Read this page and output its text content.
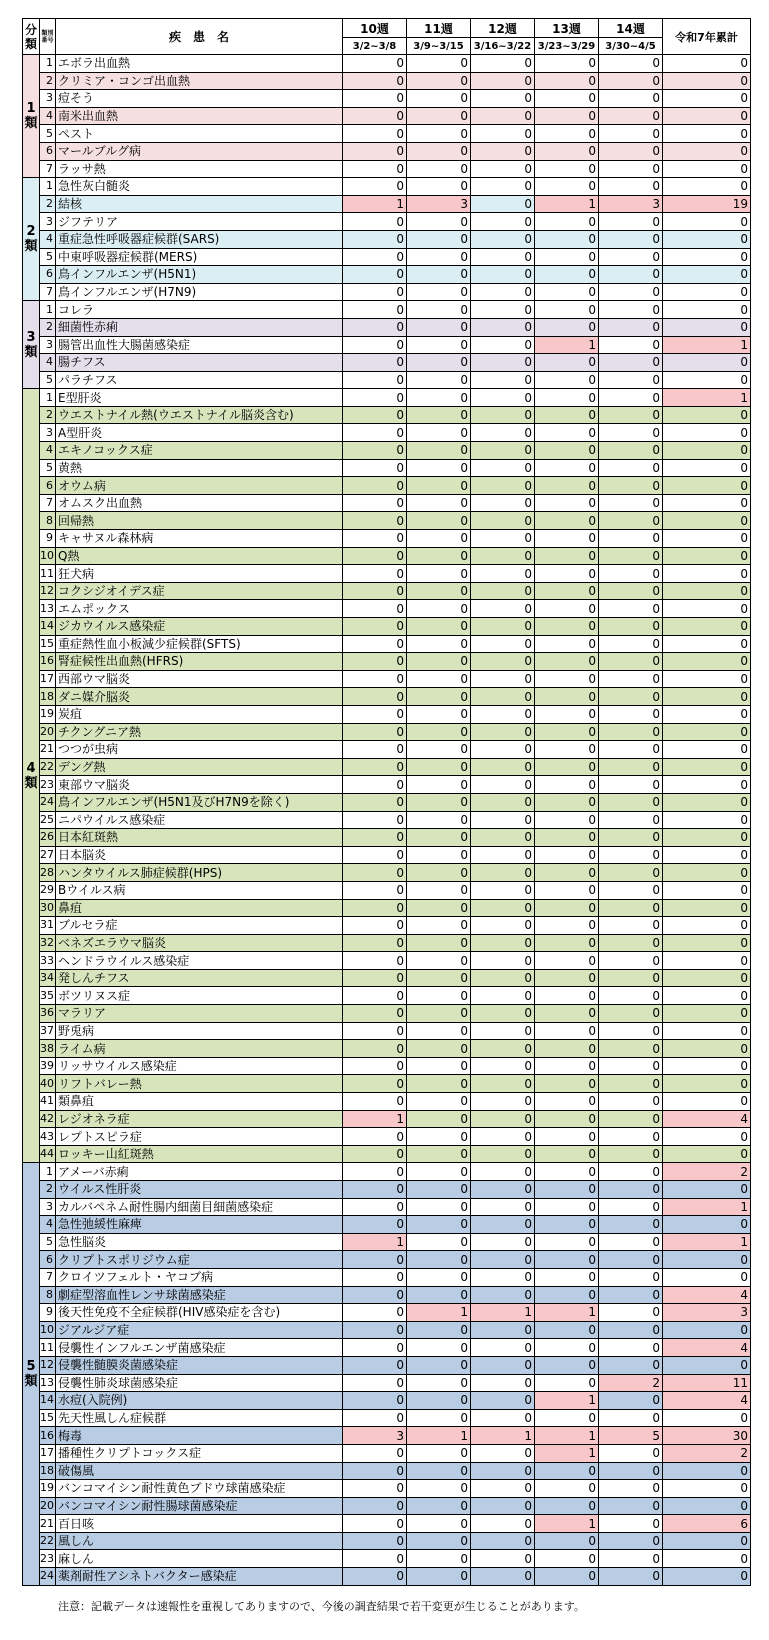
分類	類別番号	疾　患　名	10週	11週	12週	13週	14週	令和7年累計
			3/2~3/8	3/9~3/15	3/16~3/22	3/23~3/29	3/30~4/5	
1類	1	エボラ出血熱	0	0	0	0	0	0
	2	クリミア・コンゴ出血熱	0	0	0	0	0	0
	3	痘そう	0	0	0	0	0	0
	4	南米出血熱	0	0	0	0	0	0
	5	ペスト	0	0	0	0	0	0
	6	マールブルグ病	0	0	0	0	0	0
	7	ラッサ熱	0	0	0	0	0	0
2類	1	急性灰白髄炎	0	0	0	0	0	0
	2	結核	1	3	0	1	3	19
	3	ジフテリア	0	0	0	0	0	0
	4	重症急性呼吸器症候群(SARS)	0	0	0	0	0	0
	5	中東呼吸器症候群(MERS)	0	0	0	0	0	0
	6	鳥インフルエンザ(H5N1)	0	0	0	0	0	0
	7	鳥インフルエンザ(H7N9)	0	0	0	0	0	0
3類	1	コレラ	0	0	0	0	0	0
	2	細菌性赤痢	0	0	0	0	0	0
	3	腸管出血性大腸菌感染症	0	0	0	1	0	1
	4	腸チフス	0	0	0	0	0	0
	5	パラチフス	0	0	0	0	0	0
4類	1	E型肝炎	0	0	0	0	0	1
	2	ウエストナイル熱(ウエストナイル脳炎含む)	0	0	0	0	0	0
	3	A型肝炎	0	0	0	0	0	0
	4	エキノコックス症	0	0	0	0	0	0
	5	黄熱	0	0	0	0	0	0
	6	オウム病	0	0	0	0	0	0
	7	オムスク出血熱	0	0	0	0	0	0
	8	回帰熱	0	0	0	0	0	0
	9	キャサヌル森林病	0	0	0	0	0	0
	10	Q熱	0	0	0	0	0	0
	11	狂犬病	0	0	0	0	0	0
	12	コクシジオイデス症	0	0	0	0	0	0
	13	エムポックス	0	0	0	0	0	0
	14	ジカウイルス感染症	0	0	0	0	0	0
	15	重症熱性血小板減少症候群(SFTS)	0	0	0	0	0	0
	16	腎症候性出血熱(HFRS)	0	0	0	0	0	0
	17	西部ウマ脳炎	0	0	0	0	0	0
	18	ダニ媒介脳炎	0	0	0	0	0	0
	19	炭疽	0	0	0	0	0	0
	20	チクングニア熱	0	0	0	0	0	0
	21	つつが虫病	0	0	0	0	0	0
	22	デング熱	0	0	0	0	0	0
	23	東部ウマ脳炎	0	0	0	0	0	0
	24	鳥インフルエンザ(H5N1及びH7N9を除く)	0	0	0	0	0	0
	25	ニパウイルス感染症	0	0	0	0	0	0
	26	日本紅斑熱	0	0	0	0	0	0
	27	日本脳炎	0	0	0	0	0	0
	28	ハンタウイルス肺症候群(HPS)	0	0	0	0	0	0
	29	Bウイルス病	0	0	0	0	0	0
	30	鼻疽	0	0	0	0	0	0
	31	ブルセラ症	0	0	0	0	0	0
	32	ベネズエラウマ脳炎	0	0	0	0	0	0
	33	ヘンドラウイルス感染症	0	0	0	0	0	0
	34	発しんチフス	0	0	0	0	0	0
	35	ボツリヌス症	0	0	0	0	0	0
	36	マラリア	0	0	0	0	0	0
	37	野兎病	0	0	0	0	0	0
	38	ライム病	0	0	0	0	0	0
	39	リッサウイルス感染症	0	0	0	0	0	0
	40	リフトバレー熱	0	0	0	0	0	0
	41	類鼻疽	0	0	0	0	0	0
	42	レジオネラ症	1	0	0	0	0	4
	43	レプトスピラ症	0	0	0	0	0	0
	44	ロッキー山紅斑熱	0	0	0	0	0	0
5類	1	アメーバ赤痢	0	0	0	0	0	2
	2	ウイルス性肝炎	0	0	0	0	0	0
	3	カルバペネム耐性腸内細菌目細菌感染症	0	0	0	0	0	1
	4	急性弛緩性麻痺	0	0	0	0	0	0
	5	急性脳炎	1	0	0	0	0	1
	6	クリプトスポリジウム症	0	0	0	0	0	0
	7	クロイツフェルト・ヤコブ病	0	0	0	0	0	0
	8	劇症型溶血性レンサ球菌感染症	0	0	0	0	0	4
	9	後天性免疫不全症候群(HIV感染症を含む)	0	1	1	1	0	3
	10	ジアルジア症	0	0	0	0	0	0
	11	侵襲性インフルエンザ菌感染症	0	0	0	0	0	4
	12	侵襲性髄膜炎菌感染症	0	0	0	0	0	0
	13	侵襲性肺炎球菌感染症	0	0	0	0	2	11
	14	水痘(入院例)	0	0	0	1	0	4
	15	先天性風しん症候群	0	0	0	0	0	0
	16	梅毒	3	1	1	1	5	30
	17	播種性クリプトコックス症	0	0	0	1	0	2
	18	破傷風	0	0	0	0	0	0
	19	バンコマイシン耐性黄色ブドウ球菌感染症	0	0	0	0	0	0
	20	バンコマイシン耐性腸球菌感染症	0	0	0	0	0	0
	21	百日咳	0	0	0	1	0	6
	22	風しん	0	0	0	0	0	0
	23	麻しん	0	0	0	0	0	0
	24	薬剤耐性アシネトバクター感染症	0	0	0	0	0	0
注意：記載データは速報性を重視してありますので、今後の調査結果で若干変更が生じることがあります。
